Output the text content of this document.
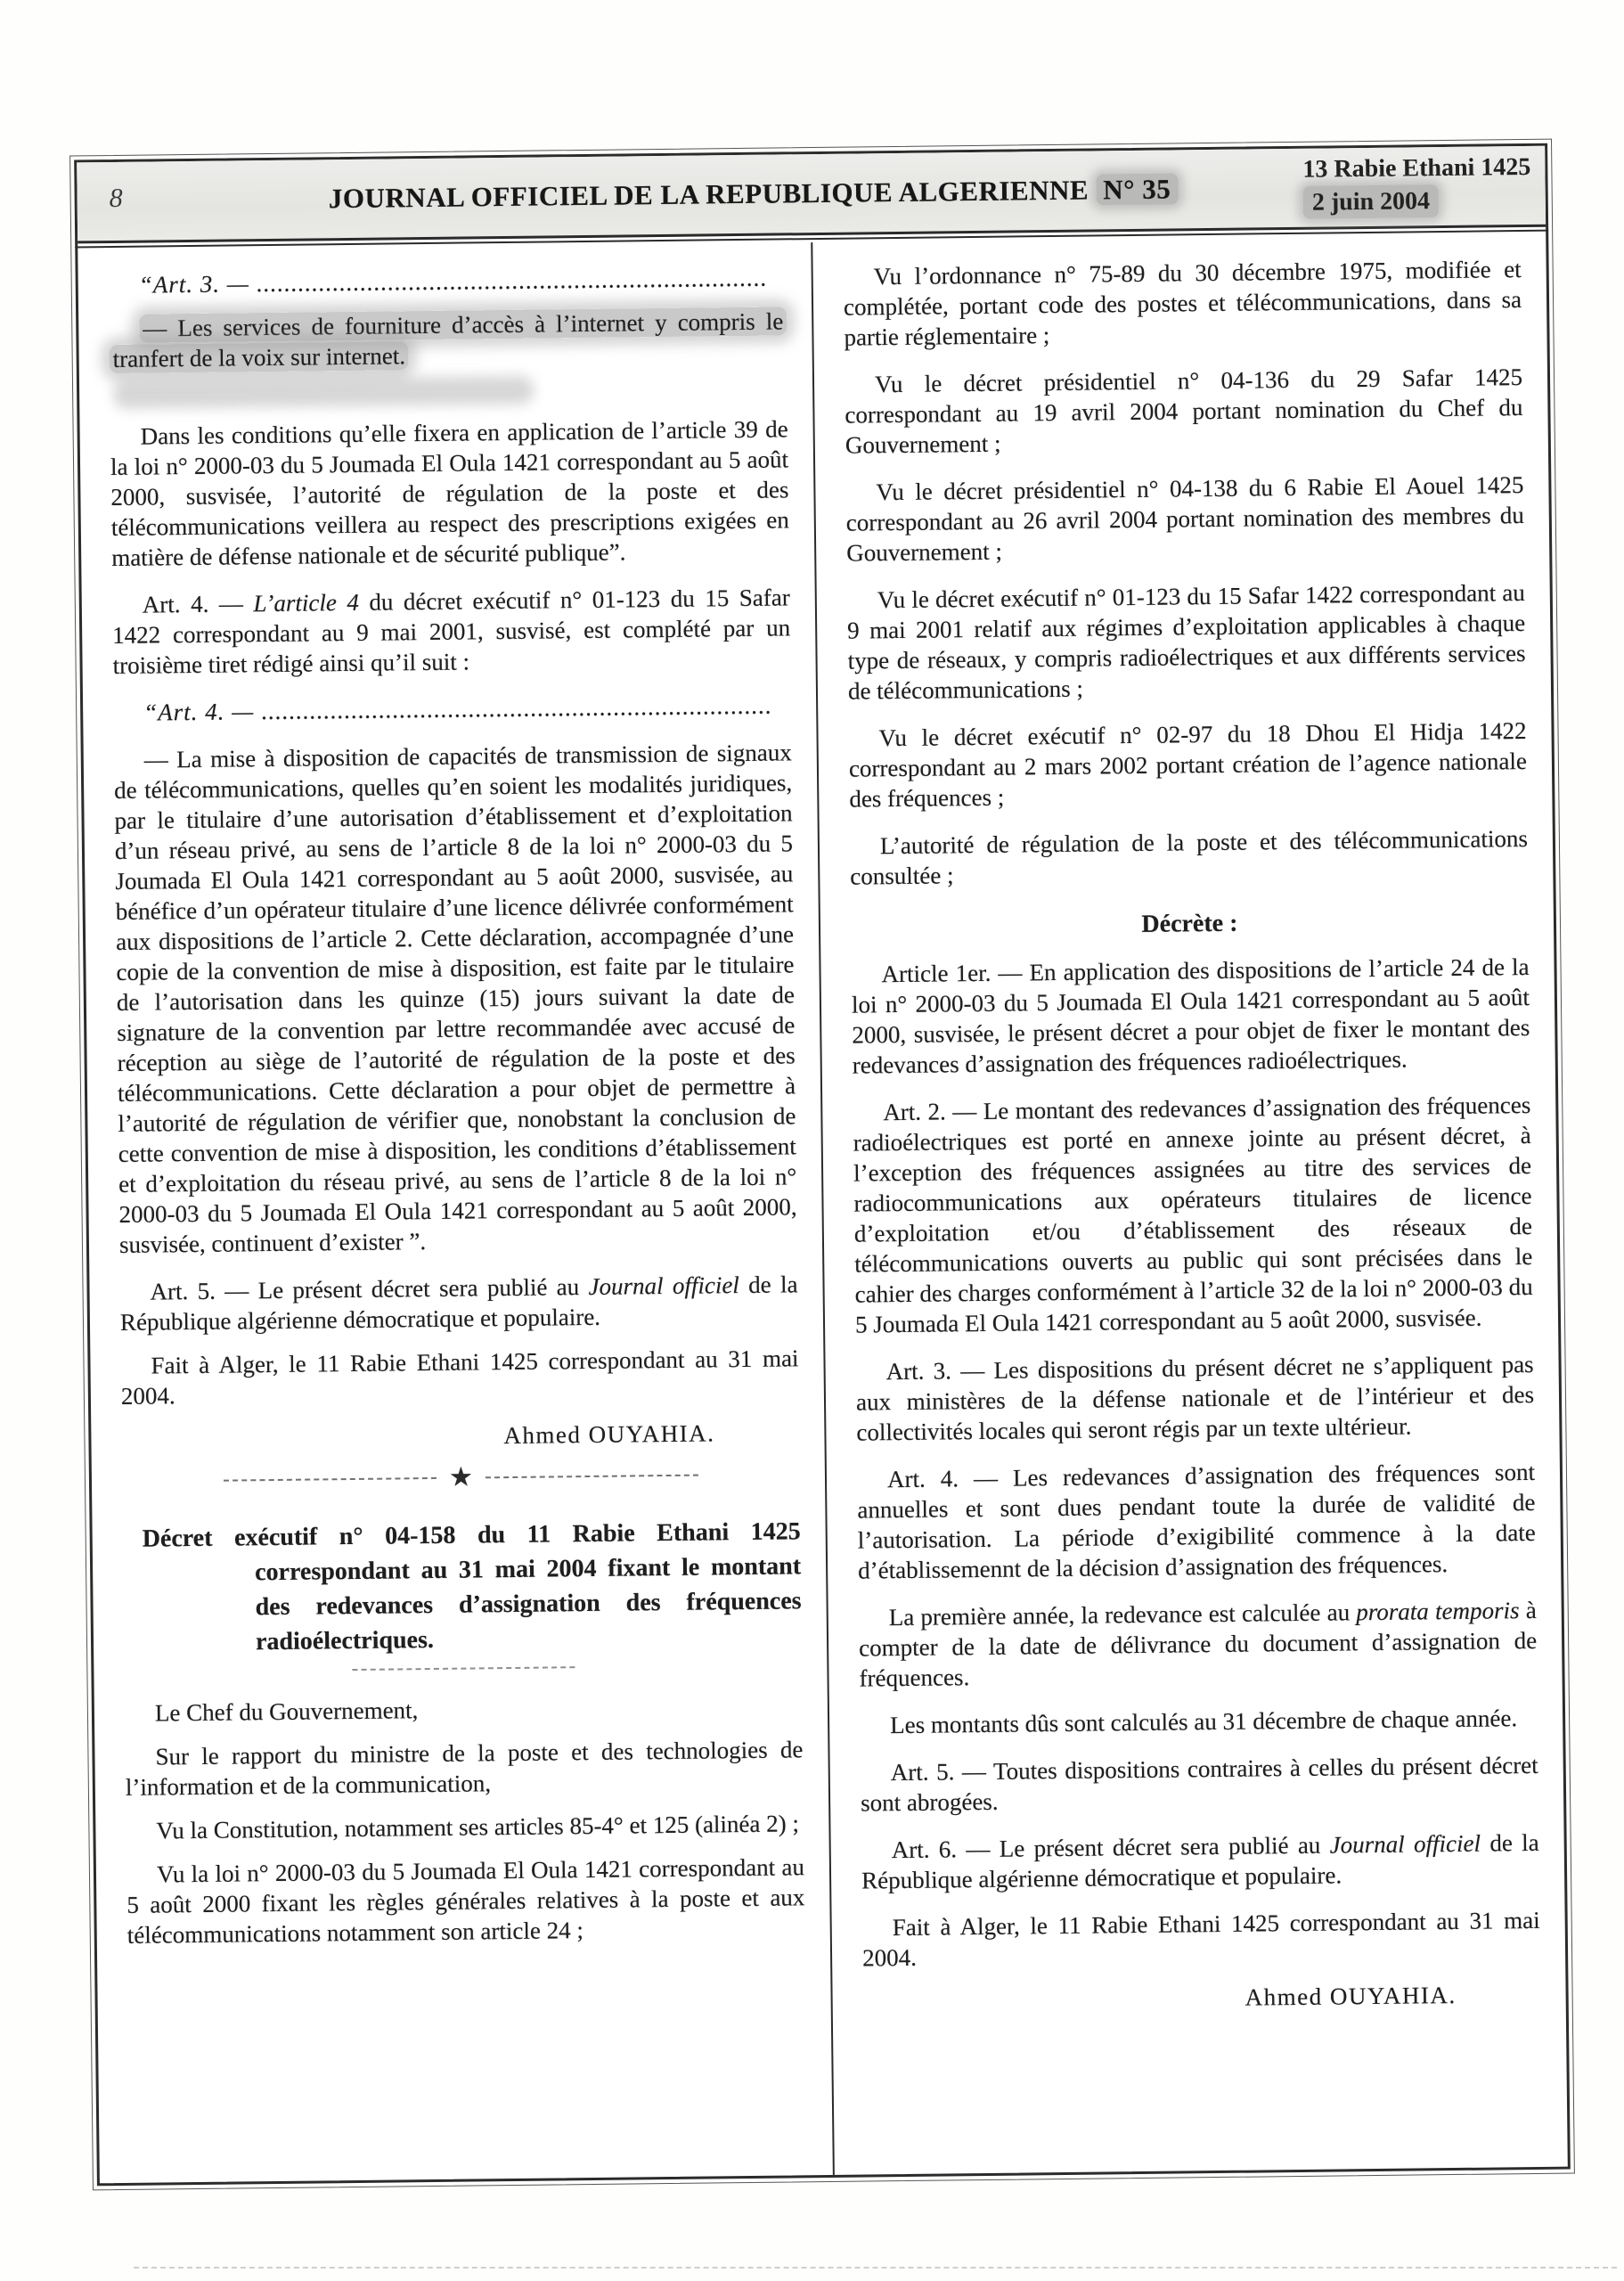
8	JOURNAL OFFICIEL DE LA REPUBLIQUE ALGERIENNE N° 35
13 Rabie Ethani 1425
2 juin 2004

“Art. 3. — ..........................................................................

— Les services de fourniture d’accès à l’internet y compris le tranfert de la voix sur internet.

Dans les conditions qu’elle fixera en application de l’article 39 de la loi n° 2000-03 du 5 Joumada El Oula 1421 correspondant au 5 août 2000, susvisée, l’autorité de régulation de la poste et des télécommunications veillera au respect des prescriptions exigées en matière de défense nationale et de sécurité publique”.

Art. 4. — L’article 4 du décret exécutif n° 01-123 du 15 Safar 1422 correspondant au 9 mai 2001, susvisé, est complété par un troisième tiret rédigé ainsi qu’il suit :

“Art. 4. — ..........................................................................

— La mise à disposition de capacités de transmission de signaux de télécommunications, quelles qu’en soient les modalités juridiques, par le titulaire d’une autorisation d’établissement et d’exploitation d’un réseau privé, au sens de l’article 8 de la loi n° 2000-03 du 5 Joumada El Oula 1421 correspondant au 5 août 2000, susvisée, au bénéfice d’un opérateur titulaire d’une licence délivrée conformément aux dispositions de l’article 2. Cette déclaration, accompagnée d’une copie de la convention de mise à disposition, est faite par le titulaire de l’autorisation dans les quinze (15) jours suivant la date de signature de la convention par lettre recommandée avec accusé de réception au siège de l’autorité de régulation de la poste et des télécommunications. Cette déclaration a pour objet de permettre à l’autorité de régulation de vérifier que, nonobstant la conclusion de cette convention de mise à disposition, les conditions d’établissement et d’exploitation du réseau privé, au sens de l’article 8 de la loi n° 2000-03 du 5 Joumada El Oula 1421 correspondant au 5 août 2000, susvisée, continuent d’exister ”.

Art. 5. — Le présent décret sera publié au Journal officiel de la République algérienne démocratique et populaire.

Fait à Alger, le 11 Rabie Ethani 1425 correspondant au 31 mai 2004.

Ahmed OUYAHIA.

★

Décret exécutif n° 04-158 du 11 Rabie Ethani 1425 correspondant au 31 mai 2004 fixant le montant des redevances d’assignation des fréquences radioélectriques.

Le Chef du Gouvernement,

Sur le rapport du ministre de la poste et des technologies de l’information et de la communication,

Vu la Constitution, notamment ses articles 85-4° et 125 (alinéa 2) ;

Vu la loi n° 2000-03 du 5 Joumada El Oula 1421 correspondant au 5 août 2000 fixant les règles générales relatives à la poste et aux télécommunications notamment son article 24 ;

Vu l’ordonnance n° 75-89 du 30 décembre 1975, modifiée et complétée, portant code des postes et télécommunications, dans sa partie réglementaire ;

Vu le décret présidentiel n° 04-136 du 29 Safar 1425 correspondant au 19 avril 2004 portant nomination du Chef du Gouvernement ;

Vu le décret présidentiel n° 04-138 du 6 Rabie El Aouel 1425 correspondant au 26 avril 2004 portant nomination des membres du Gouvernement ;

Vu le décret exécutif n° 01-123 du 15 Safar 1422 correspondant au 9 mai 2001 relatif aux régimes d’exploitation applicables à chaque type de réseaux, y compris radioélectriques et aux différents services de télécommunications ;

Vu le décret exécutif n° 02-97 du 18 Dhou El Hidja 1422 correspondant au 2 mars 2002 portant création de l’agence nationale des fréquences ;

L’autorité de régulation de la poste et des télécommunications consultée ;

Décrète :

Article 1er. — En application des dispositions de l’article 24 de la loi n° 2000-03 du 5 Joumada El Oula 1421 correspondant au 5 août 2000, susvisée, le présent décret a pour objet de fixer le montant des redevances d’assignation des fréquences radioélectriques.

Art. 2. — Le montant des redevances d’assignation des fréquences radioélectriques est porté en annexe jointe au présent décret, à l’exception des fréquences assignées au titre des services de radiocommunications aux opérateurs titulaires de licence d’exploitation et/ou d’établissement des réseaux de télécommunications ouverts au public qui sont précisées dans le cahier des charges conformément à l’article 32 de la loi n° 2000-03 du 5 Joumada El Oula 1421 correspondant au 5 août 2000, susvisée.

Art. 3. — Les dispositions du présent décret ne s’appliquent pas aux ministères de la défense nationale et de l’intérieur et des collectivités locales qui seront régis par un texte ultérieur.

Art. 4. — Les redevances d’assignation des fréquences sont annuelles et sont dues pendant toute la durée de validité de l’autorisation. La période d’exigibilité commence à la date d’établissemennt de la décision d’assignation des fréquences.

La première année, la redevance est calculée au prorata temporis à compter de la date de délivrance du document d’assignation de fréquences.

Les montants dûs sont calculés au 31 décembre de chaque année.

Art. 5. — Toutes dispositions contraires à celles du présent décret sont abrogées.

Art. 6. — Le présent décret sera publié au Journal officiel de la République algérienne démocratique et populaire.

Fait à Alger, le 11 Rabie Ethani 1425 correspondant au 31 mai 2004.

Ahmed OUYAHIA.
